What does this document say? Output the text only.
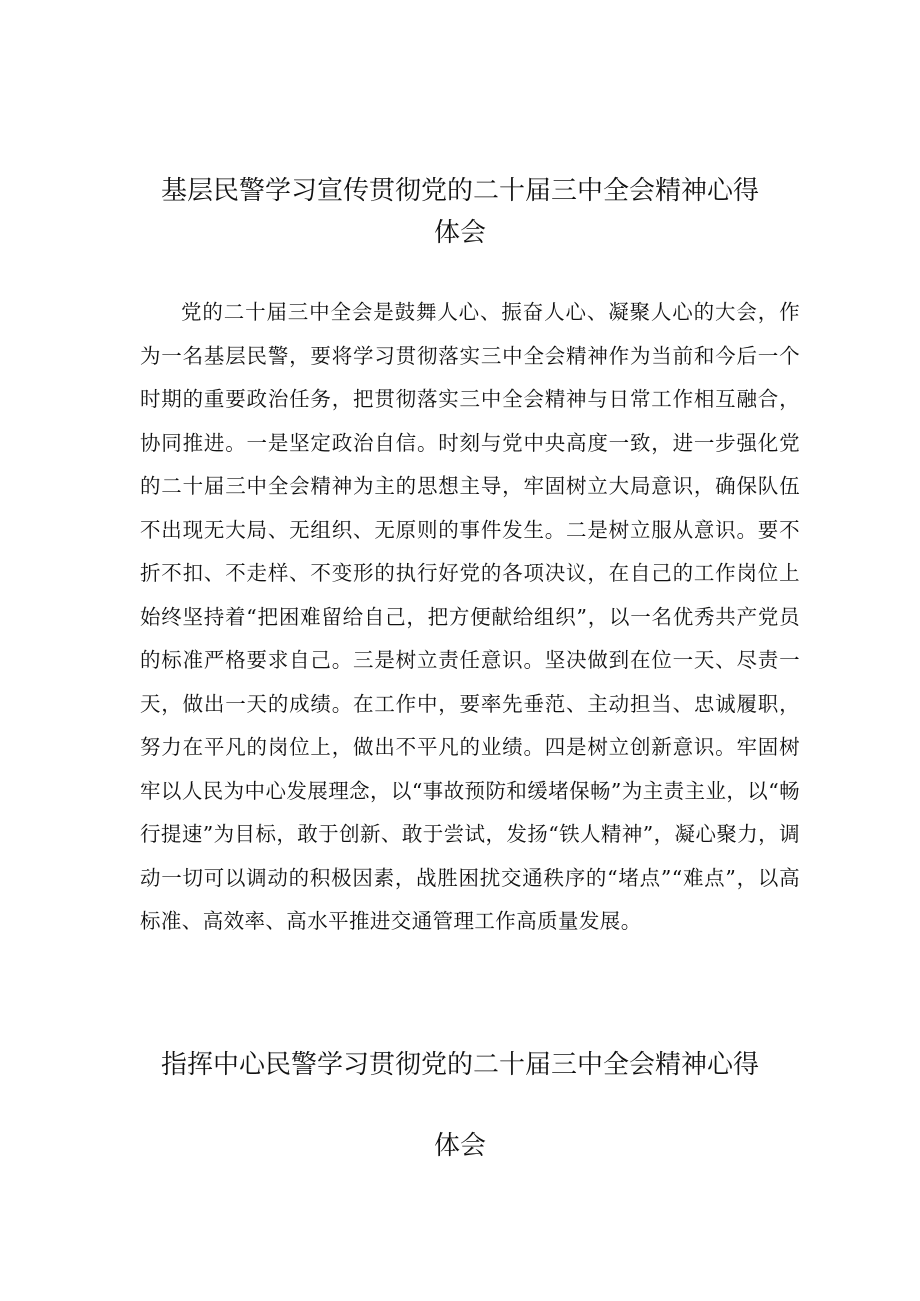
基层民警学习宣传贯彻党的二十届三中全会精神心得
体会

党的二十届三中全会是鼓舞人心、振奋人心、凝聚人心的大会，作为一名基层民警，要将学习贯彻落实三中全会精神作为当前和今后一个时期的重要政治任务，把贯彻落实三中全会精神与日常工作相互融合，协同推进。一是坚定政治自信。时刻与党中央高度一致，进一步强化党的二十届三中全会精神为主的思想主导，牢固树立大局意识，确保队伍不出现无大局、无组织、无原则的事件发生。二是树立服从意识。要不折不扣、不走样、不变形的执行好党的各项决议，在自己的工作岗位上始终坚持着“把困难留给自己，把方便献给组织”，以一名优秀共产党员的标准严格要求自己。三是树立责任意识。坚决做到在位一天、尽责一天，做出一天的成绩。在工作中，要率先垂范、主动担当、忠诚履职，努力在平凡的岗位上，做出不平凡的业绩。四是树立创新意识。牢固树牢以人民为中心发展理念，以“事故预防和缓堵保畅”为主责主业，以“畅行提速”为目标，敢于创新、敢于尝试，发扬“铁人精神”，凝心聚力，调动一切可以调动的积极因素，战胜困扰交通秩序的“堵点”“难点”，以高标准、高效率、高水平推进交通管理工作高质量发展。

指挥中心民警学习贯彻党的二十届三中全会精神心得
体会
